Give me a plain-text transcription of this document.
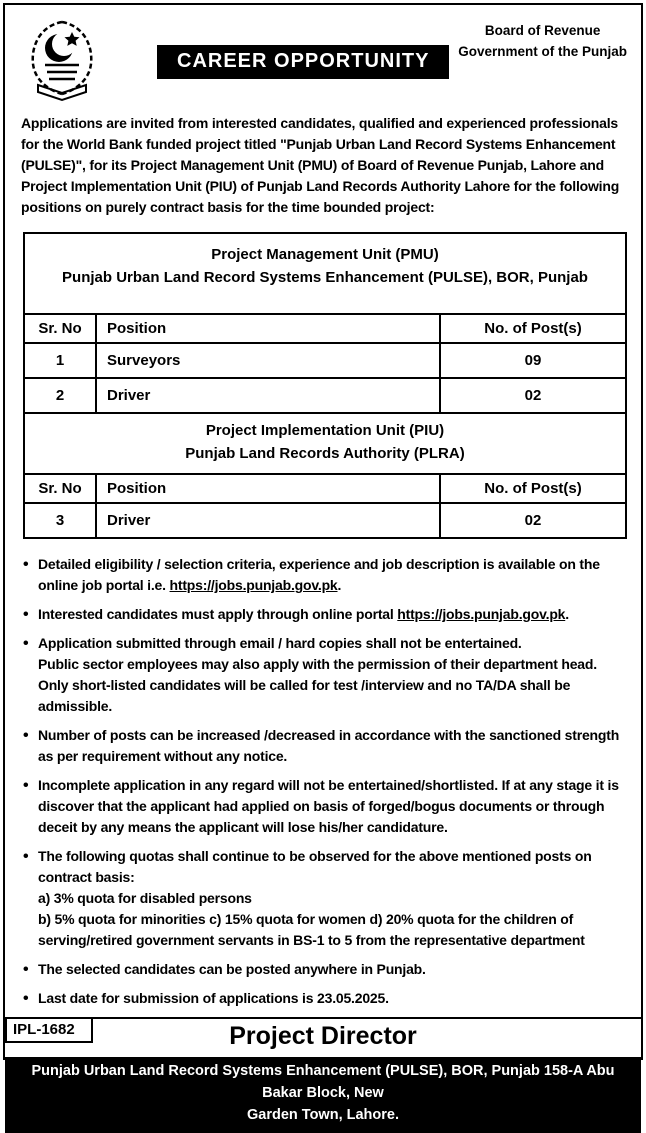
CAREER OPPORTUNITY
Board of Revenue
Government of the Punjab

Applications are invited from interested candidates, qualified and experienced professionals for the World Bank funded project titled "Punjab Urban Land Record Systems Enhancement (PULSE)", for its Project Management Unit (PMU) of Board of Revenue Punjab, Lahore and Project Implementation Unit (PIU) of Punjab Land Records Authority Lahore for the following positions on purely contract basis for the time bounded project:

Project Management Unit (PMU)
Punjab Urban Land Record Systems Enhancement (PULSE), BOR, Punjab		

Sr. No	Position	No. of Post(s)
1	Surveyors	09
2	Driver	02

Project Implementation Unit (PIU)
Punjab Land Records Authority (PLRA)		

Sr. No	Position	No. of Post(s)
3	Driver	02
• Detailed eligibility / selection criteria, experience and job description is available on the online job portal i.e. https://jobs.punjab.gov.pk.
• Interested candidates must apply through online portal https://jobs.punjab.gov.pk.
• Application submitted through email / hard copies shall not be entertained.
Public sector employees may also apply with the permission of their department head. Only short-listed candidates will be called for test /interview and no TA/DA shall be admissible.
• Number of posts can be increased /decreased in accordance with the sanctioned strength as per requirement without any notice.
• Incomplete application in any regard will not be entertained/shortlisted. If at any stage it is discover that the applicant had applied on basis of forged/bogus documents or through deceit by any means the applicant will lose his/her candidature.
• The following quotas shall continue to be observed for the above mentioned posts on contract basis:
a) 3% quota for disabled persons
b) 5% quota for minorities c) 15% quota for women d) 20% quota for the children of serving/retired government servants in BS-1 to 5 from the representative department
• The selected candidates can be posted anywhere in Punjab.
• Last date for submission of applications is 23.05.2025.
IPL-1682	Project Director
Punjab Urban Land Record Systems Enhancement (PULSE), BOR, Punjab 158-A Abu Bakar Block, New
Garden Town, Lahore.
